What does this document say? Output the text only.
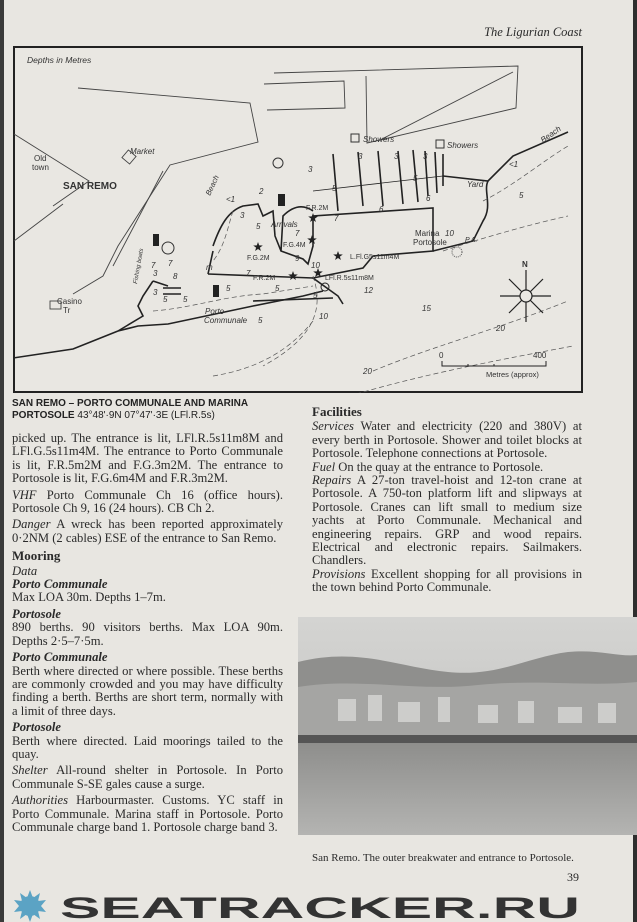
The Ligurian Coast
3	3	3
5
5
6
6
<1
5
10
3
<1
2
3
5
7
7
9
10
7
8	7
7
3
3
5 5
5	5
5
12
10
15
20
20
5
Depths in Metres
Old
town
SAN REMO
Market
Showers
Showers
Beach
Beach	Yard
Marina
Portosole	P.A.
F.R.2M
Arrivals
F.G.4M
F.G.2M
F.R.2M
L.Fl.G5s11m4M
LFl.R.5s11m8M
Porto
Communale
Casino
Tr
Fishing boats	m	N
0	400
Metres (approx)
SAN REMO – PORTO COMMUNALE AND MARINA PORTOSOLE 43°48'·9N 07°47'·3E (LFl.R.5s)

picked up. The entrance is lit, LFl.R.5s11m8M and LFl.G.5s11m4M. The entrance to Porto Communale is lit, F.R.5m2M and F.G.3m2M. The entrance to Portosole is lit, F.G.6m4M and F.R.3m2M.

VHF Porto Communale Ch 16 (office hours). Portosole Ch 9, 16 (24 hours). CB Ch 2.

Danger A wreck has been reported approximately 0·2NM (2 cables) ESE of the entrance to San Remo.

Mooring

Data

Porto Communale

Max LOA 30m. Depths 1–7m.

Portosole

890 berths. 90 visitors berths. Max LOA 90m. Depths 2·5–7·5m.

Porto Communale

Berth where directed or where possible. These berths are commonly crowded and you may have difficulty finding a berth. Berths are short term, normally with a limit of three days.

Portosole

Berth where directed. Laid moorings tailed to the quay.

Shelter All-round shelter in Portosole. In Porto Communale S-SE gales cause a surge.

Authorities Harbourmaster. Customs. YC staff in Porto Communale. Marina staff in Portosole. Porto Communale charge band 1. Portosole charge band 3.

Facilities

Services Water and electricity (220 and 380V) at every berth in Portosole. Shower and toilet blocks at Portosole. Telephone connections at Portosole.

Fuel On the quay at the entrance to Portosole.

Repairs A 27-ton travel-hoist and 12-ton crane at Portosole. A 750-ton platform lift and slipways at Portosole. Cranes can lift small to medium size yachts at Porto Communale. Mechanical and engineering repairs. GRP and wood repairs. Electrical and electronic repairs. Sailmakers. Chandlers.

Provisions Excellent shopping for all provisions in the town behind Porto Communale.

San Remo. The outer breakwater and entrance to Portosole.
39
SEATRACKER.RU
